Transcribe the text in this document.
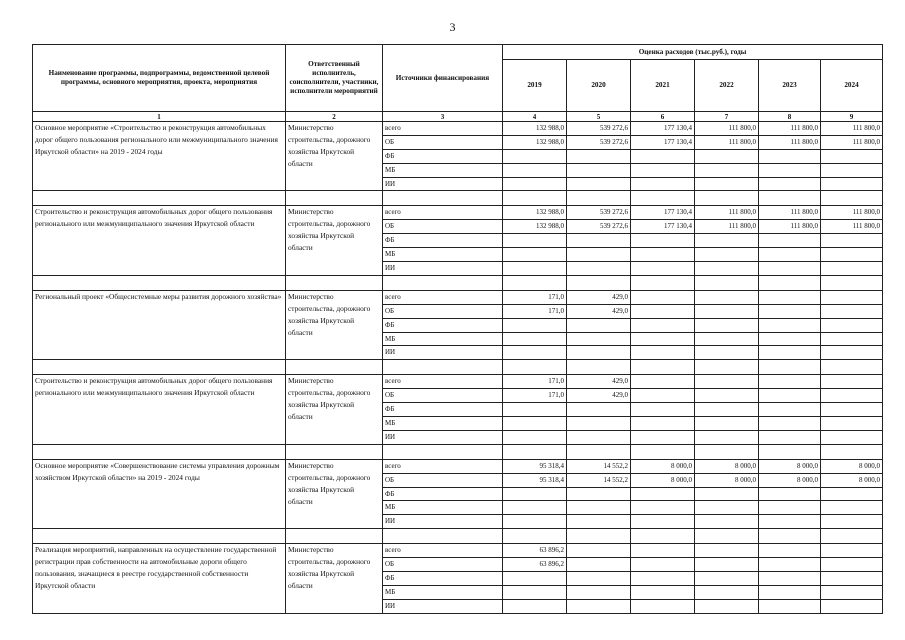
3
Наименование программы, подпрограммы, ведомственной целевой программы, основного мероприятия, проекта, мероприятия	Ответственный исполнитель, соисполнители, участники, исполнители мероприятий	Источники финансирования	Оценка расходов (тыс.руб.), годы					
			2019	2020	2021	2022	2023	2024
1	2	3	4	5	6	7	8	9
Основное мероприятие «Строительство и реконструкция автомобильных дорог общего пользования регионального или межмуниципального значения Иркутской области» на 2019 - 2024 годы	Министерство строительства, дорожного хозяйства Иркутской области	всего	132 988,0	539 272,6	177 130,4	111 800,0	111 800,0	111 800,0
		ОБ	132 988,0	539 272,6	177 130,4	111 800,0	111 800,0	111 800,0
		ФБ						
		МБ						
		ИИ						

Строительство и реконструкция автомобильных дорог общего пользования регионального или межмуниципального значения Иркутской области	Министерство строительства, дорожного хозяйства Иркутской области	всего	132 988,0	539 272,6	177 130,4	111 800,0	111 800,0	111 800,0
		ОБ	132 988,0	539 272,6	177 130,4	111 800,0	111 800,0	111 800,0
		ФБ						
		МБ						
		ИИ						

Региональный проект «Общесистемные меры развития дорожного хозяйства»	Министерство строительства, дорожного хозяйства Иркутской области	всего	171,0	429,0				
		ОБ	171,0	429,0				
		ФБ						
		МБ						
		ИИ						

Строительство и реконструкция автомобильных дорог общего пользования регионального или межмуниципального значения Иркутской области	Министерство строительства, дорожного хозяйства Иркутской области	всего	171,0	429,0				
		ОБ	171,0	429,0				
		ФБ						
		МБ						
		ИИ						

Основное мероприятие «Совершенствование системы управления дорожным хозяйством Иркутской области» на 2019 - 2024 годы	Министерство строительства, дорожного хозяйства Иркутской области	всего	95 318,4	14 552,2	8 000,0	8 000,0	8 000,0	8 000,0
		ОБ	95 318,4	14 552,2	8 000,0	8 000,0	8 000,0	8 000,0
		ФБ						
		МБ						
		ИИ						

Реализация мероприятий, направленных на осуществление государственной регистрации прав собственности на автомобильные дороги общего пользования, значащиеся в реестре государственной собственности Иркутской области	Министерство строительства, дорожного хозяйства Иркутской области	всего	63 896,2					
		ОБ	63 896,2					
		ФБ						
		МБ						
		ИИ						
